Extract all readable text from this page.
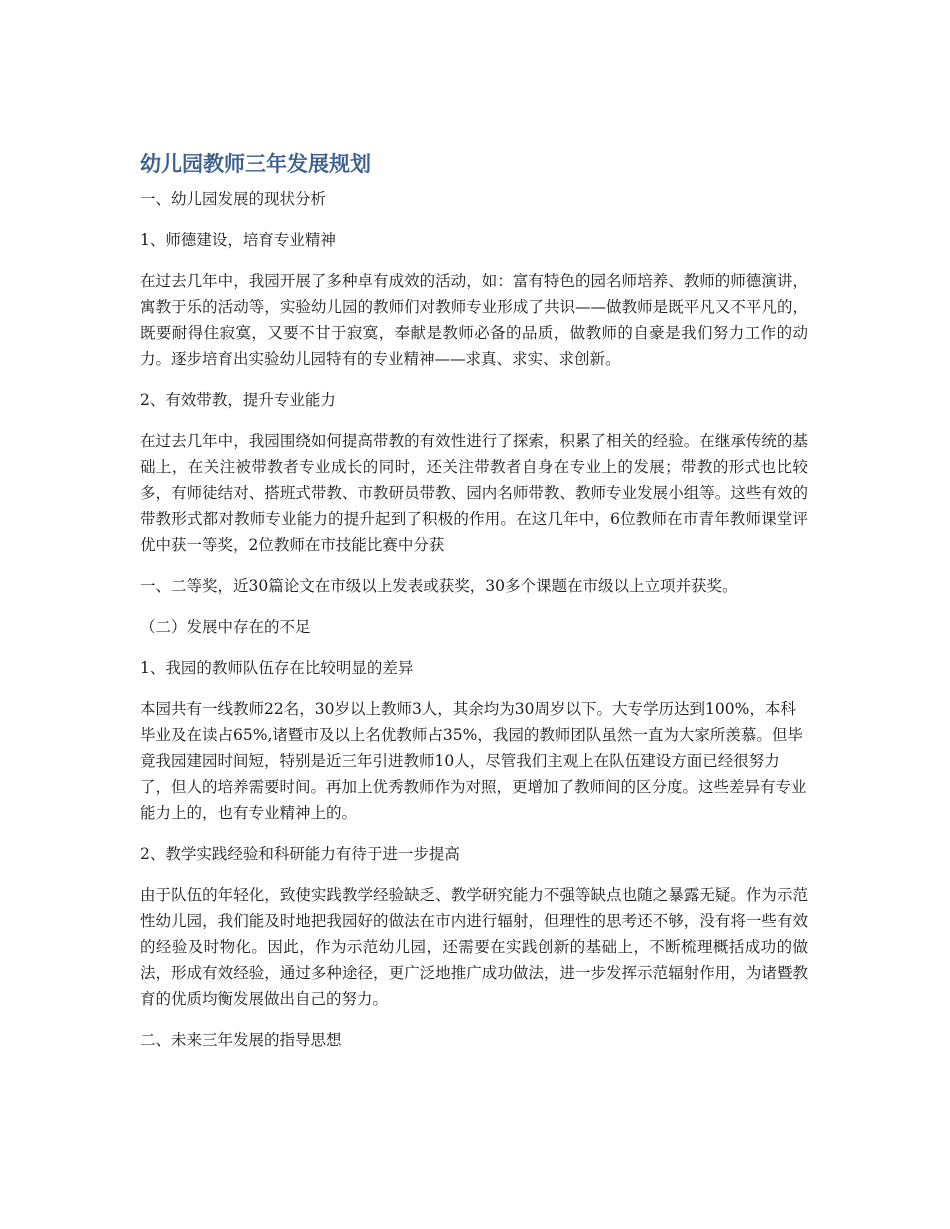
幼儿园教师三年发展规划

一、幼儿园发展的现状分析

1、师德建设，培育专业精神

在过去几年中，我园开展了多种卓有成效的活动，如：富有特色的园名师培养、教师的师德演讲，寓教于乐的活动等，实验幼儿园的教师们对教师专业形成了共识——做教师是既平凡又不平凡的，既要耐得住寂寞，又要不甘于寂寞，奉献是教师必备的品质，做教师的自豪是我们努力工作的动力。逐步培育出实验幼儿园特有的专业精神——求真、求实、求创新。

2、有效带教，提升专业能力

在过去几年中，我园围绕如何提高带教的有效性进行了探索，积累了相关的经验。在继承传统的基础上，在关注被带教者专业成长的同时，还关注带教者自身在专业上的发展；带教的形式也比较多，有师徒结对、搭班式带教、市教研员带教、园内名师带教、教师专业发展小组等。这些有效的带教形式都对教师专业能力的提升起到了积极的作用。在这几年中，6位教师在市青年教师课堂评优中获一等奖，2位教师在市技能比赛中分获

一、二等奖，近30篇论文在市级以上发表或获奖，30多个课题在市级以上立项并获奖。

（二）发展中存在的不足

1、我园的教师队伍存在比较明显的差异

本园共有一线教师22名，30岁以上教师3人，其余均为30周岁以下。大专学历达到100%，本科毕业及在读占65%,诸暨市及以上名优教师占35%，我园的教师团队虽然一直为大家所羡慕。但毕竟我园建园时间短，特别是近三年引进教师10人，尽管我们主观上在队伍建设方面已经很努力了，但人的培养需要时间。再加上优秀教师作为对照，更增加了教师间的区分度。这些差异有专业能力上的，也有专业精神上的。

2、教学实践经验和科研能力有待于进一步提高

由于队伍的年轻化，致使实践教学经验缺乏、教学研究能力不强等缺点也随之暴露无疑。作为示范性幼儿园，我们能及时地把我园好的做法在市内进行辐射，但理性的思考还不够，没有将一些有效的经验及时物化。因此，作为示范幼儿园，还需要在实践创新的基础上，不断梳理概括成功的做法，形成有效经验，通过多种途径，更广泛地推广成功做法，进一步发挥示范辐射作用，为诸暨教育的优质均衡发展做出自己的努力。

二、未来三年发展的指导思想
